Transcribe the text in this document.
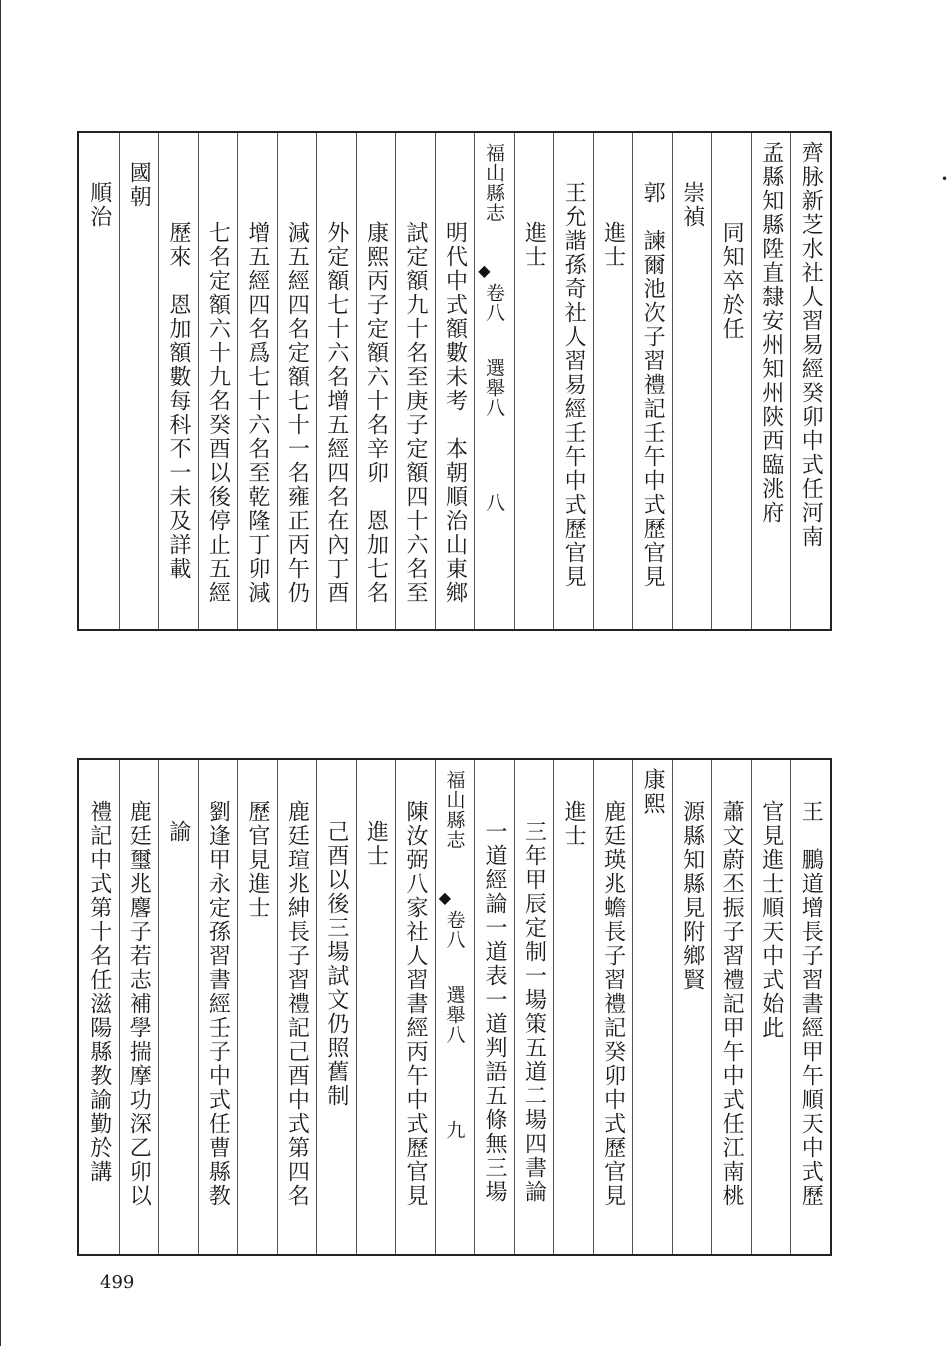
齊脉新芝水社人習易經癸卯中式任河南
孟縣知縣陞直隸安州知州陝西臨洮府
同知卒於任
崇禎
郭　諫爾池次子習禮記壬午中式歷官見
進士
王允諧孫奇社人習易經壬午中式歷官見
進士
福山縣志
卷八
選舉八
八
◆
明代中式額數未考　本朝順治山東鄉
試定額九十名至庚子定額四十六名至
康熙丙子定額六十名辛卯　恩加七名
外定額七十六名增五經四名在內丁酉
減五經四名定額七十一名雍正丙午仍
增五經四名爲七十六名至乾隆丁卯減
七名定額六十九名癸酉以後停止五經
歷來　恩加額數每科不一未及詳載
國朝
順治
王　鵬道增長子習書經甲午順天中式歷
官見進士順天中式始此
蕭文蔚丕振子習禮記甲午中式任江南桃
源縣知縣見附鄉賢
康熙
鹿廷瑛兆蟾長子習禮記癸卯中式歷官見
進士
三年甲辰定制一場策五道二場四書論
一道經論一道表一道判語五條無三場
福山縣志
卷八
選舉八
九
◆
陳汝弼八家社人習書經丙午中式歷官見
進士
己酉以後三場試文仍照舊制
鹿廷瑄兆紳長子習禮記己酉中式第四名
歷官見進士
劉逢甲永定孫習書經壬子中式任曹縣教
諭
鹿廷璽兆麐子若志補學揣摩功深乙卯以
禮記中式第十名任滋陽縣教諭勤於講
499
•
